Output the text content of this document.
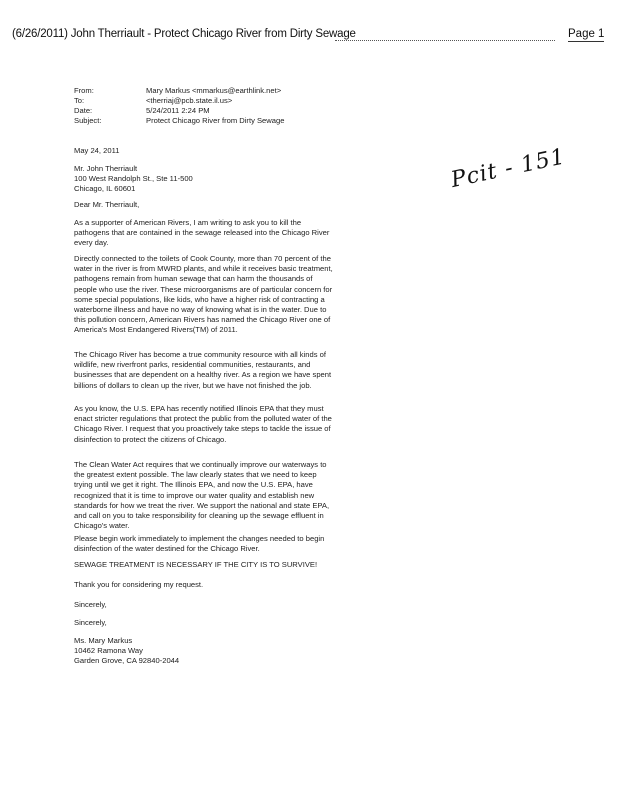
(6/26/2011) John Therriault - Protect Chicago River from Dirty Sewage	Page 1
From:	Mary Markus <mmarkus@earthlink.net>
To:	<therriaj@pcb.state.il.us>
Date:	5/24/2011 2:24 PM
Subject:	Protect Chicago River from Dirty Sewage
Pcit - 151
May 24, 2011
Mr. John Therriault
100 West Randolph St., Ste 11-500
Chicago, IL 60601
Dear Mr. Therriault,

As a supporter of American Rivers, I am writing to ask you to kill the pathogens that are contained in the sewage released into the Chicago River every day.

Directly connected to the toilets of Cook County, more than 70 percent of the water in the river is from MWRD plants, and while it receives basic treatment, pathogens remain from human sewage that can harm the thousands of people who use the river. These microorganisms are of particular concern for some special populations, like kids, who have a higher risk of contracting a waterborne illness and have no way of knowing what is in the water. Due to this pollution concern, American Rivers has named the Chicago River one of America's Most Endangered Rivers(TM) of 2011.

The Chicago River has become a true community resource with all kinds of wildlife, new riverfront parks, residential communities, restaurants, and businesses that are dependent on a healthy river. As a region we have spent billions of dollars to clean up the river, but we have not finished the job.

As you know, the U.S. EPA has recently notified Illinois EPA that they must enact stricter regulations that protect the public from the polluted water of the Chicago River. I request that you proactively take steps to tackle the issue of disinfection to protect the citizens of Chicago.

The Clean Water Act requires that we continually improve our waterways to the greatest extent possible. The law clearly states that we need to keep trying until we get it right. The Illinois EPA, and now the U.S. EPA, have recognized that it is time to improve our water quality and establish new standards for how we treat the river. We support the national and state EPA, and call on you to take responsibility for cleaning up the sewage effluent in Chicago's water.

Please begin work immediately to implement the changes needed to begin disinfection of the water destined for the Chicago River.

SEWAGE TREATMENT IS NECESSARY IF THE CITY IS TO SURVIVE!

Thank you for considering my request.

Sincerely,

Sincerely,

Ms. Mary Markus
10462 Ramona Way
Garden Grove, CA 92840-2044
